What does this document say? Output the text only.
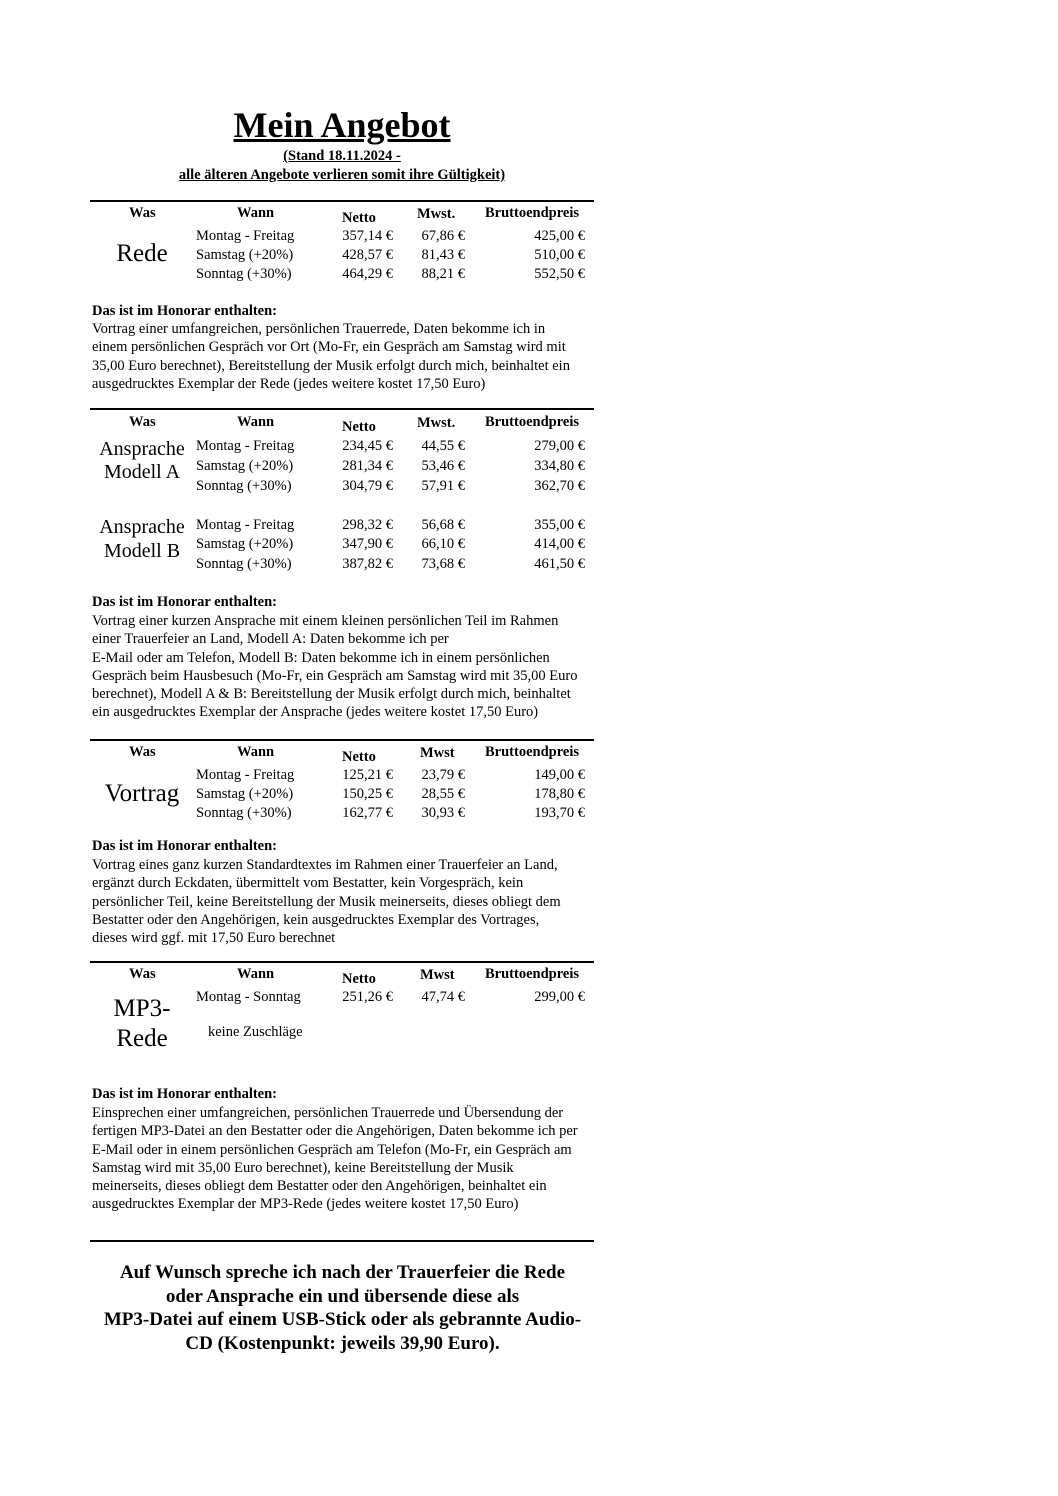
Mein Angebot
(Stand 18.11.2024 -
alle älteren Angebote verlieren somit ihre Gültigkeit)
Was	Wann	Netto	Mwst. Bruttoendpreis
Rede
Montag - Freitag	357,14 €	67,86 €	425,00 €
Samstag (+20%)	428,57 €	81,43 €	510,00 €
Sonntag (+30%)	464,29 €	88,21 €	552,50 €
Das ist im Honorar enthalten:
Vortrag einer umfangreichen, persönlichen Trauerrede, Daten bekomme ich in
einem persönlichen Gespräch vor Ort (Mo-Fr, ein Gespräch am Samstag wird mit
35,00 Euro berechnet), Bereitstellung der Musik erfolgt durch mich, beinhaltet ein
ausgedrucktes Exemplar der Rede (jedes weitere kostet 17,50 Euro)
Was	Wann	Netto	Mwst. Bruttoendpreis
Ansprache
Modell A
Montag - Freitag	234,45 €	44,55 €	279,00 €
Samstag (+20%)	281,34 €	53,46 €	334,80 €
Sonntag (+30%)	304,79 €	57,91 €	362,70 €
Ansprache
Modell B
Montag - Freitag	298,32 €	56,68 €	355,00 €
Samstag (+20%)	347,90 €	66,10 €	414,00 €
Sonntag (+30%)	387,82 €	73,68 €	461,50 €
Das ist im Honorar enthalten:
Vortrag einer kurzen Ansprache mit einem kleinen persönlichen Teil im Rahmen
einer Trauerfeier an Land, Modell A: Daten bekomme ich per
E-Mail oder am Telefon, Modell B: Daten bekomme ich in einem persönlichen
Gespräch beim Hausbesuch (Mo-Fr, ein Gespräch am Samstag wird mit 35,00 Euro
berechnet), Modell A & B: Bereitstellung der Musik erfolgt durch mich, beinhaltet
ein ausgedrucktes Exemplar der Ansprache (jedes weitere kostet 17,50 Euro)
Was	Wann	Netto	Mwst Bruttoendpreis
Vortrag
Montag - Freitag	125,21 €	23,79 €	149,00 €
Samstag (+20%)	150,25 €	28,55 €	178,80 €
Sonntag (+30%)	162,77 €	30,93 €	193,70 €
Das ist im Honorar enthalten:
Vortrag eines ganz kurzen Standardtextes im Rahmen einer Trauerfeier an Land,
ergänzt durch Eckdaten, übermittelt vom Bestatter, kein Vorgespräch, kein
persönlicher Teil, keine Bereitstellung der Musik meinerseits, dieses obliegt dem
Bestatter oder den Angehörigen, kein ausgedrucktes Exemplar des Vortrages,
dieses wird ggf. mit 17,50 Euro berechnet
Was	Wann	Netto	Mwst Bruttoendpreis
MP3-
Rede
Montag - Sonntag	251,26 €	47,74 €	299,00 €
keine Zuschläge
Das ist im Honorar enthalten:
Einsprechen einer umfangreichen, persönlichen Trauerrede und Übersendung der
fertigen MP3-Datei an den Bestatter oder die Angehörigen, Daten bekomme ich per
E-Mail oder in einem persönlichen Gespräch am Telefon (Mo-Fr, ein Gespräch am
Samstag wird mit 35,00 Euro berechnet), keine Bereitstellung der Musik
meinerseits, dieses obliegt dem Bestatter oder den Angehörigen, beinhaltet ein
ausgedrucktes Exemplar der MP3-Rede (jedes weitere kostet 17,50 Euro)
Auf Wunsch spreche ich nach der Trauerfeier die Rede
oder Ansprache ein und übersende diese als
MP3-Datei auf einem USB-Stick oder als gebrannte Audio-
CD (Kostenpunkt: jeweils 39,90 Euro).
